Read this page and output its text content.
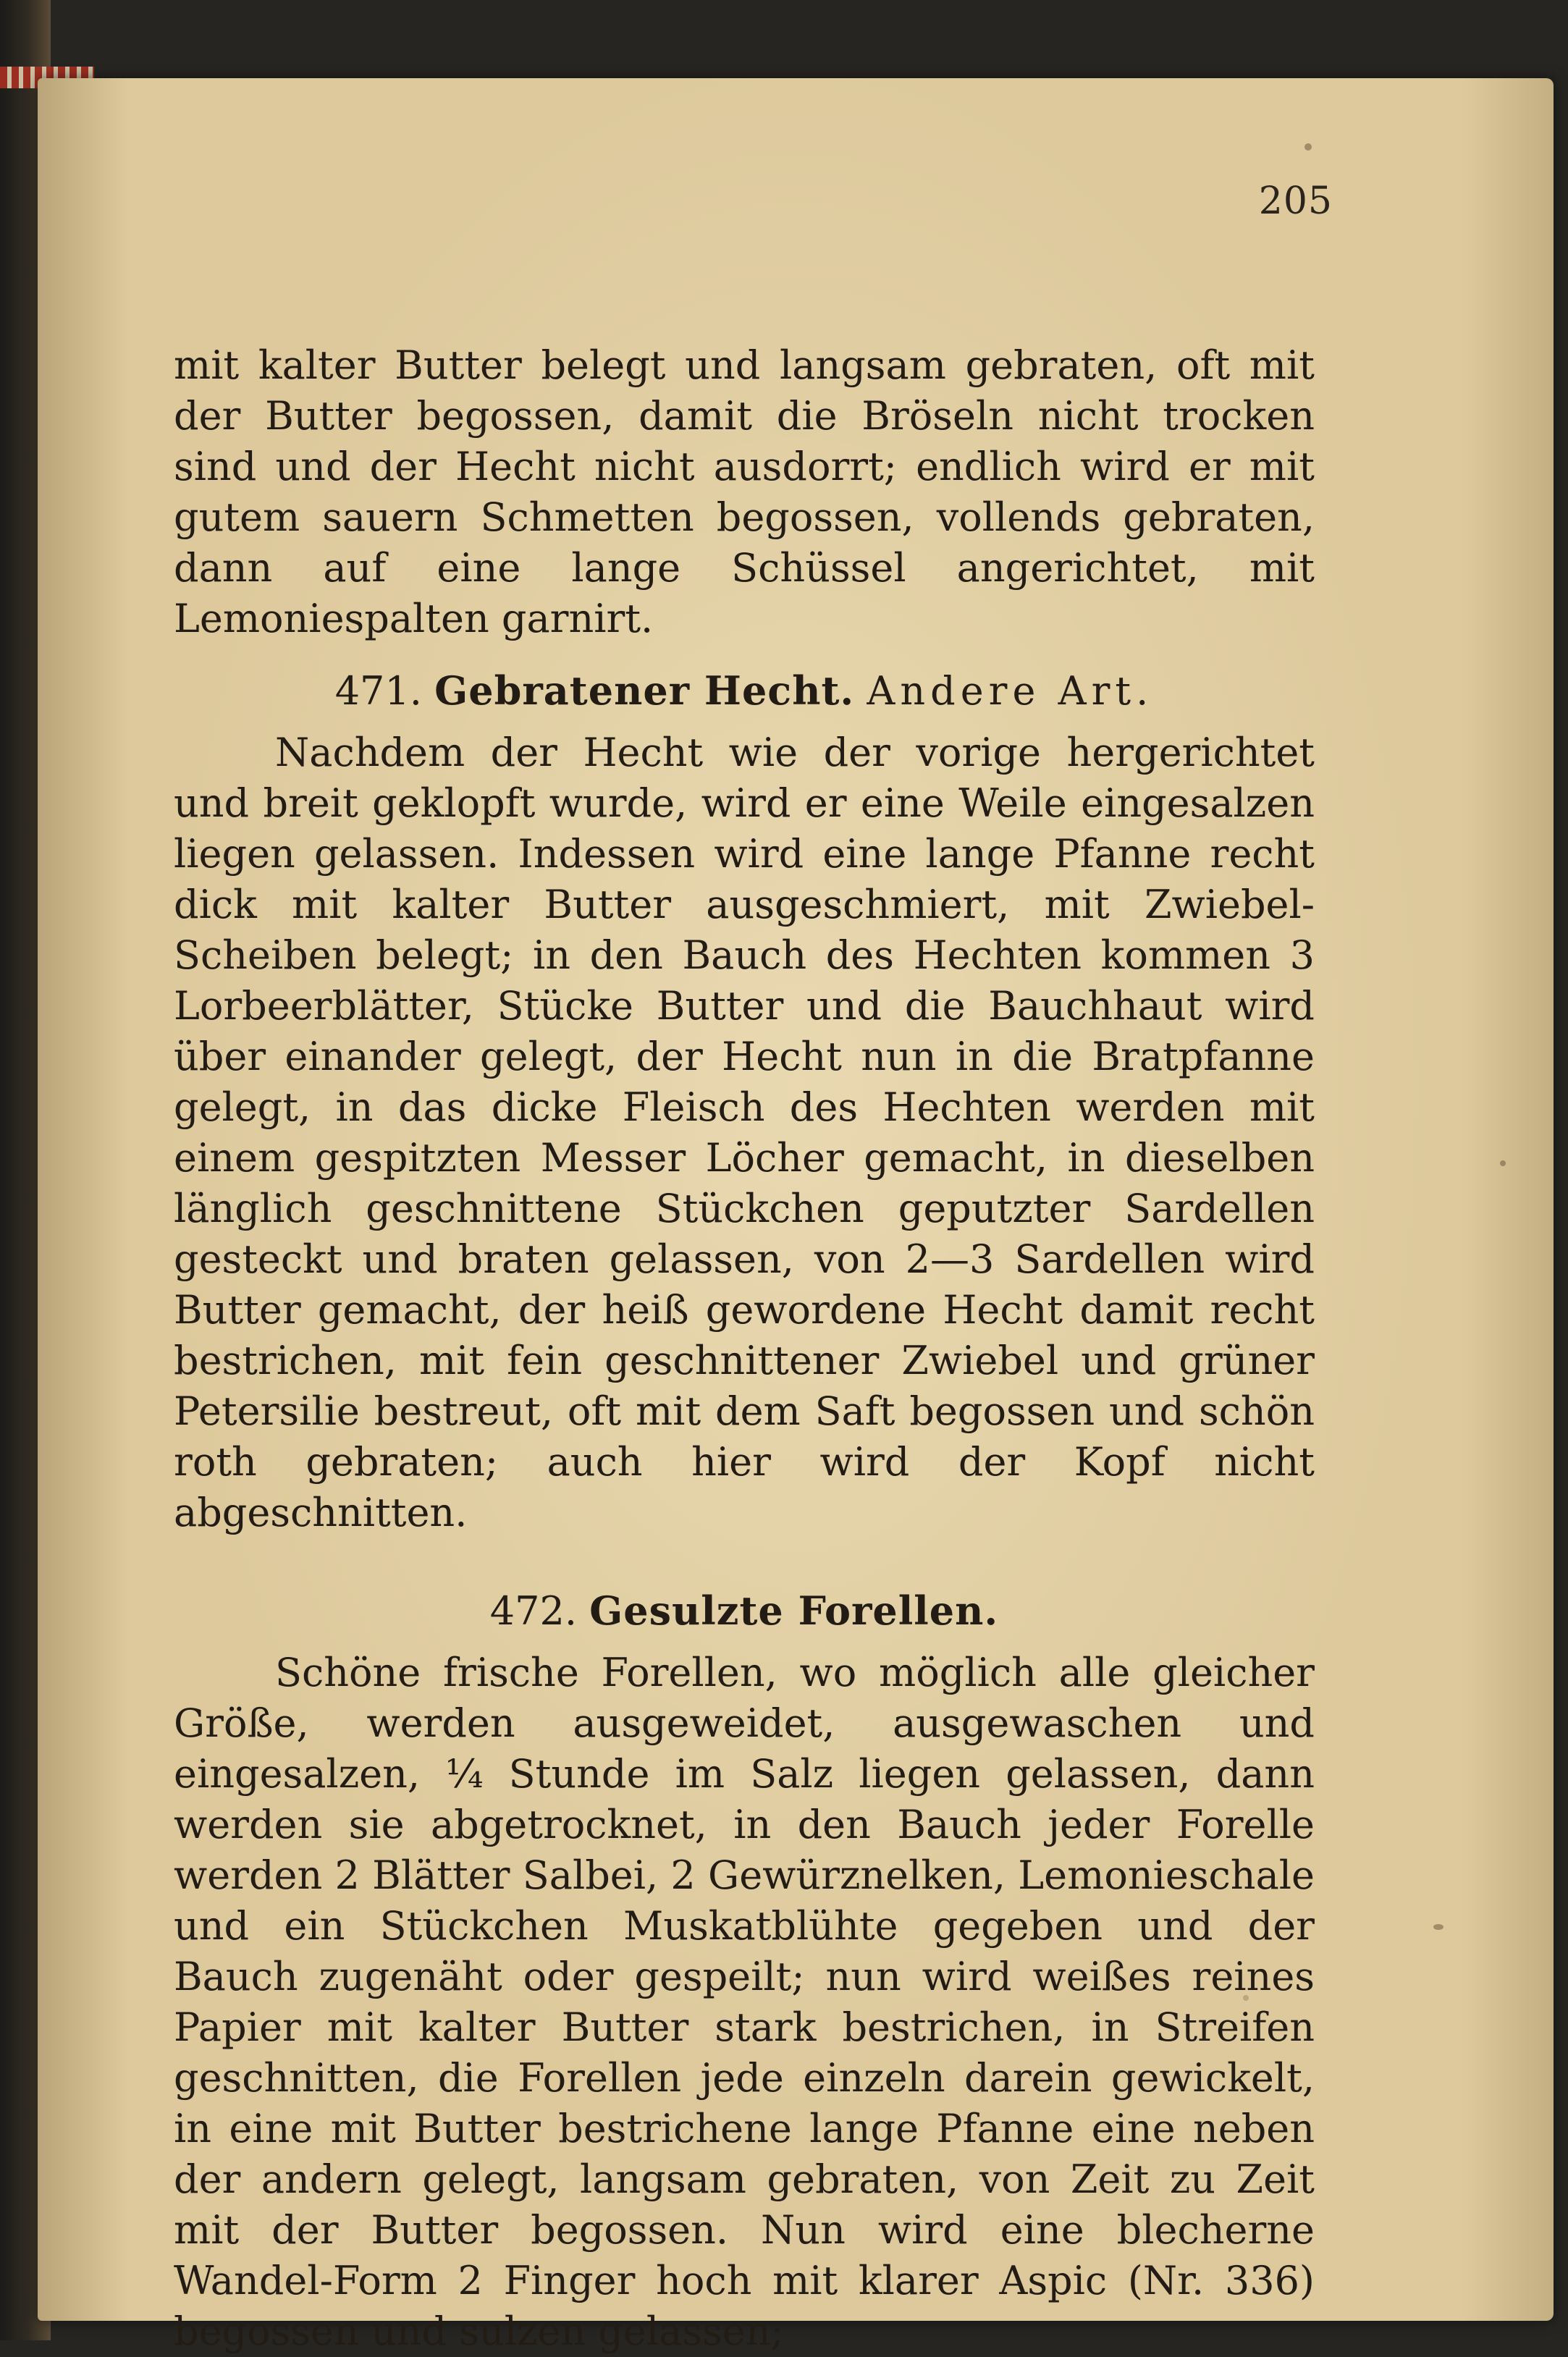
205

mit kalter Butter belegt und langsam gebraten, oft mit der Butter begossen, damit die Bröseln nicht trocken sind und der Hecht nicht ausdorrt; endlich wird er mit gutem sauern Schmetten begossen, vollends gebraten, dann auf eine lange Schüssel angerichtet, mit Lemoniespalten garnirt.

471. Gebratener Hecht. Andere Art.

Nachdem der Hecht wie der vorige hergerichtet und breit geklopft wurde, wird er eine Weile eingesalzen liegen gelassen. Indessen wird eine lange Pfanne recht dick mit kalter Butter ausgeschmiert, mit Zwiebel-Scheiben belegt; in den Bauch des Hechten kommen 3 Lorbeerblätter, Stücke Butter und die Bauchhaut wird über einander gelegt, der Hecht nun in die Bratpfanne gelegt, in das dicke Fleisch des Hechten werden mit einem gespitzten Messer Löcher gemacht, in dieselben länglich geschnittene Stückchen geputzter Sardellen gesteckt und braten gelassen, von 2—3 Sardellen wird Butter gemacht, der heiß gewordene Hecht damit recht bestrichen, mit fein geschnittener Zwiebel und grüner Petersilie bestreut, oft mit dem Saft begossen und schön roth gebraten; auch hier wird der Kopf nicht abgeschnitten.

472. Gesulzte Forellen.

Schöne frische Forellen, wo möglich alle gleicher Größe, werden ausgeweidet, ausgewaschen und eingesalzen, ¼ Stunde im Salz liegen gelassen, dann werden sie abgetrocknet, in den Bauch jeder Forelle werden 2 Blätter Salbei, 2 Gewürznelken, Lemonieschale und ein Stückchen Muskatblühte gegeben und der Bauch zugenäht oder gespeilt; nun wird weißes reines Papier mit kalter Butter stark bestrichen, in Streifen geschnitten, die Forellen jede einzeln darein gewickelt, in eine mit Butter bestrichene lange Pfanne eine neben der andern gelegt, langsam gebraten, von Zeit zu Zeit mit der Butter begossen. Nun wird eine blecherne Wandel-Form 2 Finger hoch mit klarer Aspic (Nr. 336) begossen und sulzen gelassen;
